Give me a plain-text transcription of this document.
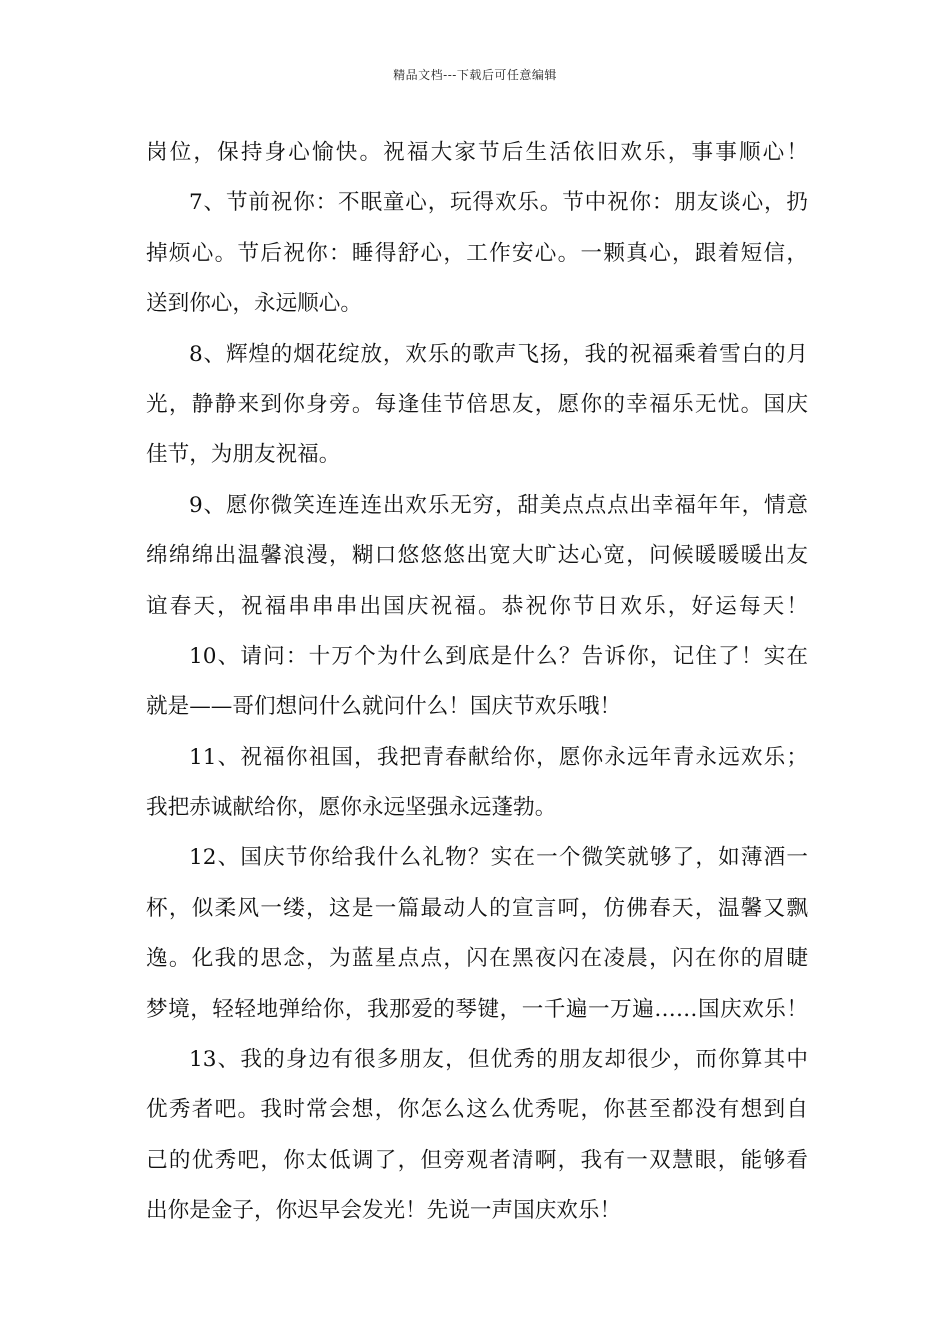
精品文档---下载后可任意编辑
岗位，保持身心愉快。祝福大家节后生活依旧欢乐，事事顺心！
7、节前祝你：不眠童心，玩得欢乐。节中祝你：朋友谈心，扔
掉烦心。节后祝你：睡得舒心，工作安心。一颗真心，跟着短信，
送到你心，永远顺心。
8、辉煌的烟花绽放，欢乐的歌声飞扬，我的祝福乘着雪白的月
光，静静来到你身旁。每逢佳节倍思友，愿你的幸福乐无忧。国庆
佳节，为朋友祝福。
9、愿你微笑连连连出欢乐无穷，甜美点点点出幸福年年，情意
绵绵绵出温馨浪漫，糊口悠悠悠出宽大旷达心宽，问候暖暖暖出友
谊春天，祝福串串串出国庆祝福。恭祝你节日欢乐，好运每天！
10、请问：十万个为什么到底是什么？告诉你，记住了！实在
就是——哥们想问什么就问什么！国庆节欢乐哦！
11、祝福你祖国，我把青春献给你，愿你永远年青永远欢乐；
我把赤诚献给你，愿你永远坚强永远蓬勃。
12、国庆节你给我什么礼物？实在一个微笑就够了，如薄酒一
杯，似柔风一缕，这是一篇最动人的宣言呵，仿佛春天，温馨又飘
逸。化我的思念，为蓝星点点，闪在黑夜闪在凌晨，闪在你的眉睫
梦境，轻轻地弹给你，我那爱的琴键，一千遍一万遍……国庆欢乐！
13、我的身边有很多朋友，但优秀的朋友却很少，而你算其中
优秀者吧。我时常会想，你怎么这么优秀呢，你甚至都没有想到自
己的优秀吧，你太低调了，但旁观者清啊，我有一双慧眼，能够看
出你是金子，你迟早会发光！先说一声国庆欢乐！
